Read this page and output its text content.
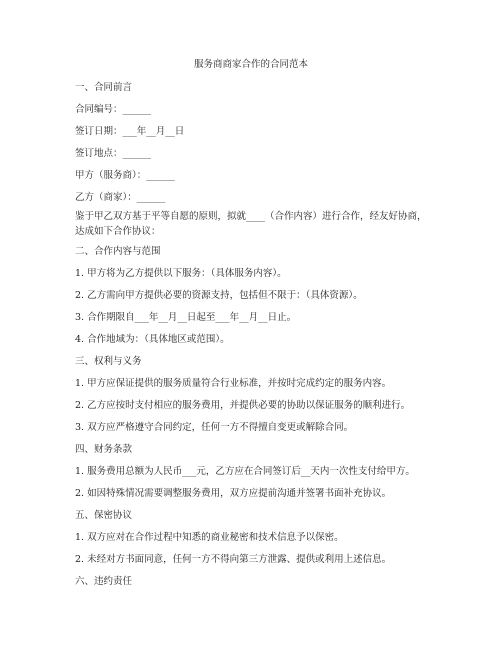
服务商商家合作的合同范本
一、合同前言
合同编号：______
签订日期：___年__月__日
签订地点：______
甲方（服务商）：______
乙方（商家）：______
鉴于甲乙双方基于平等自愿的原则，拟就____（合作内容）进行合作，经友好协商，达成如下合作协议：
二、合作内容与范围
1. 甲方将为乙方提供以下服务：（具体服务内容）。
2. 乙方需向甲方提供必要的资源支持，包括但不限于：（具体资源）。
3. 合作期限自___年__月__日起至___年__月__日止。
4. 合作地域为：（具体地区或范围）。
三、权利与义务
1. 甲方应保证提供的服务质量符合行业标准，并按时完成约定的服务内容。
2. 乙方应按时支付相应的服务费用，并提供必要的协助以保证服务的顺利进行。
3. 双方应严格遵守合同约定，任何一方不得擅自变更或解除合同。
四、财务条款
1. 服务费用总额为人民币___元，乙方应在合同签订后__天内一次性支付给甲方。
2. 如因特殊情况需要调整服务费用，双方应提前沟通并签署书面补充协议。
五、保密协议
1. 双方应对在合作过程中知悉的商业秘密和技术信息予以保密。
2. 未经对方书面同意，任何一方不得向第三方泄露、提供或利用上述信息。
六、违约责任
